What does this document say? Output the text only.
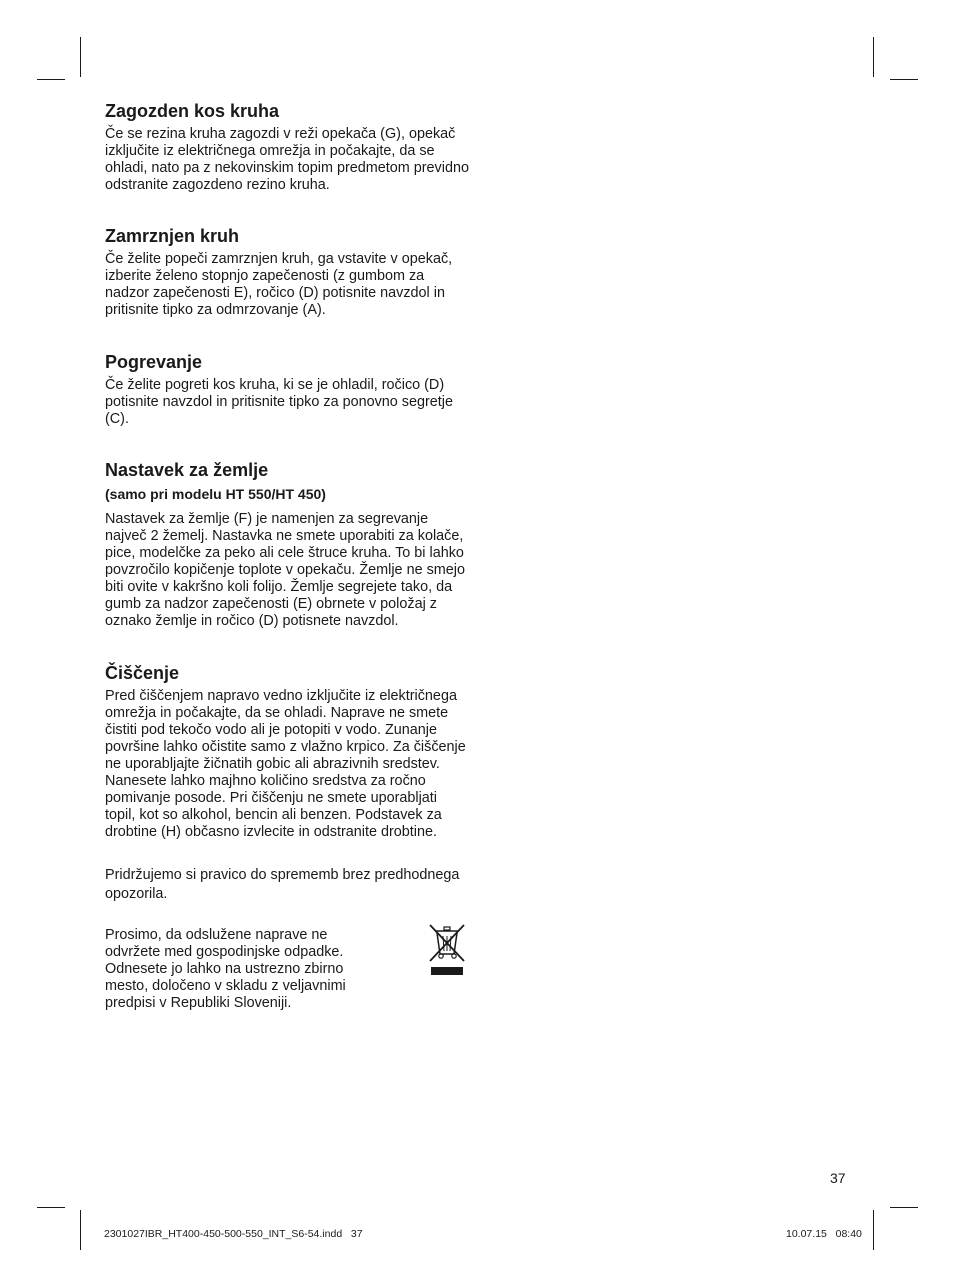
Zagozden kos kruha

Če se rezina kruha zagozdi v reži opekača (G), opekač izključite iz električnega omrežja in počakajte, da se ohladi, nato pa z nekovinskim topim predmetom previdno odstranite zagozdeno rezino kruha.

Zamrznjen kruh

Če želite popeči zamrznjen kruh, ga vstavite v opekač, izberite želeno stopnjo zapečenosti (z gumbom za nadzor zapečenosti E), ročico (D) potisnite navzdol in pritisnite tipko za odmrzovanje (A).

Pogrevanje

Če želite pogreti kos kruha, ki se je ohladil, ročico (D) potisnite navzdol in pritisnite tipko za ponovno segretje (C).

Nastavek za žemlje
(samo pri modelu HT 550/HT 450)

Nastavek za žemlje (F) je namenjen za segrevanje največ 2 žemelj. Nastavka ne smete uporabiti za kolače, pice, modelčke za peko ali cele štruce kruha. To bi lahko povzročilo kopičenje toplote v opekaču. Žemlje ne smejo biti ovite v kakršno koli folijo. Žemlje segrejete tako, da gumb za nadzor zapečenosti (E) obrnete v položaj z oznako žemlje in ročico (D) potisnete navzdol.

Čiščenje

Pred čiščenjem napravo vedno izključite iz električnega omrežja in počakajte, da se ohladi. Naprave ne smete čistiti pod tekočo vodo ali je potopiti v vodo. Zunanje površine lahko očistite samo z vlažno krpico. Za čiščenje ne uporabljajte žičnatih gobic ali abrazivnih sredstev. Nanesete lahko majhno količino sredstva za ročno pomivanje posode. Pri čiščenju ne smete uporabljati topil, kot so alkohol, bencin ali benzen. Podstavek za drobtine (H) občasno izvlecite in odstranite drobtine.

Pridržujemo si pravico do sprememb brez predhodnega opozorila.

Prosimo, da odslužene naprave ne odvržete med gospodinjske odpadke. Odnesete jo lahko na ustrezno zbirno mesto, določeno v skladu z veljavnimi predpisi v Republiki Sloveniji.

37
2301027IBR_HT400-450-500-550_INT_S6-54.indd   37	10.07.15   08:40
